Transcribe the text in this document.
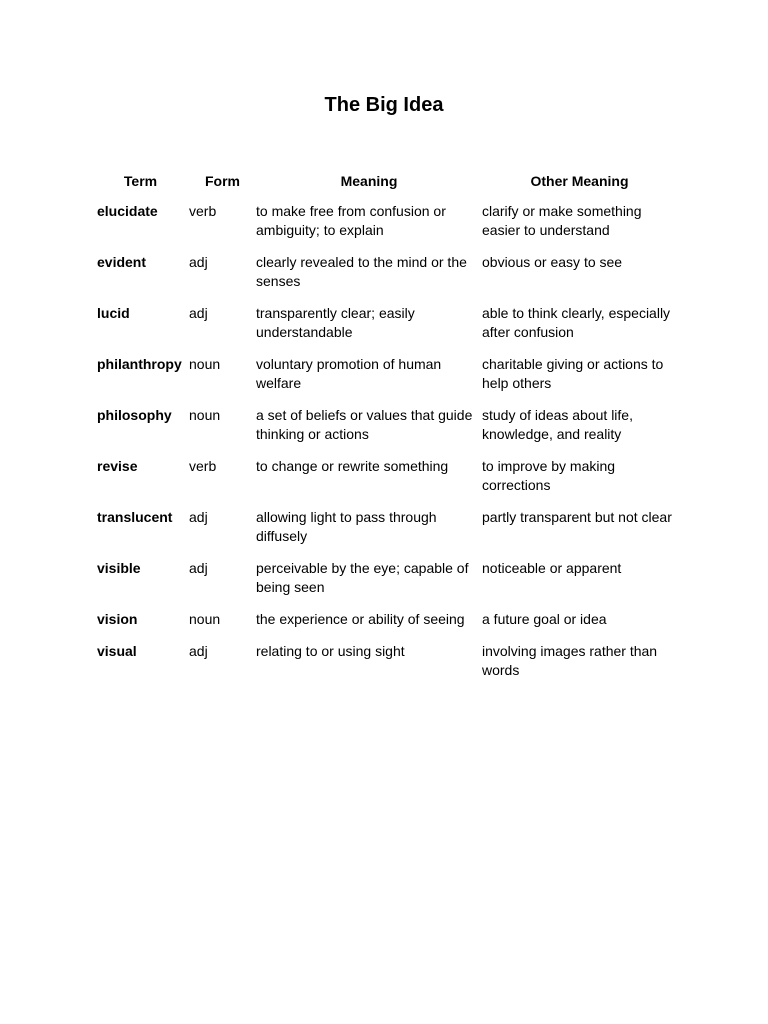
The Big Idea
Term	Form	Meaning	Other Meaning
elucidate	verb	to make free from confusion or ambiguity; to explain	clarify or make something easier to understand
evident	adj	clearly revealed to the mind or the senses	obvious or easy to see
lucid	adj	transparently clear; easily understandable	able to think clearly, especially after confusion
philanthropy	noun	voluntary promotion of human welfare	charitable giving or actions to help others
philosophy	noun	a set of beliefs or values that guide thinking or actions	study of ideas about life, knowledge, and reality
revise	verb	to change or rewrite something	to improve by making corrections
translucent	adj	allowing light to pass through diffusely	partly transparent but not clear
visible	adj	perceivable by the eye; capable of being seen	noticeable or apparent
vision	noun	the experience or ability of seeing	a future goal or idea
visual	adj	relating to or using sight	involving images rather than words
